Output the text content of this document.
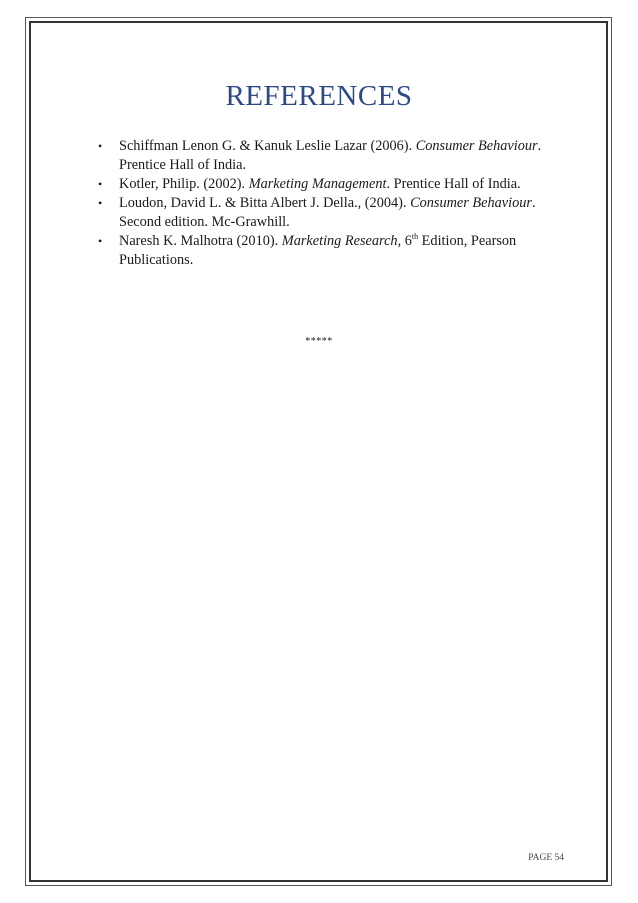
REFERENCES
• Schiffman Lenon G. & Kanuk Leslie Lazar (2006). Consumer Behaviour. Prentice Hall of India.
• Kotler, Philip. (2002). Marketing Management. Prentice Hall of India.
• Loudon, David L. & Bitta Albert J. Della., (2004). Consumer Behaviour. Second edition. Mc-Grawhill.
• Naresh K. Malhotra (2010). Marketing Research, 6th Edition, Pearson Publications.

*****

PAGE 54
